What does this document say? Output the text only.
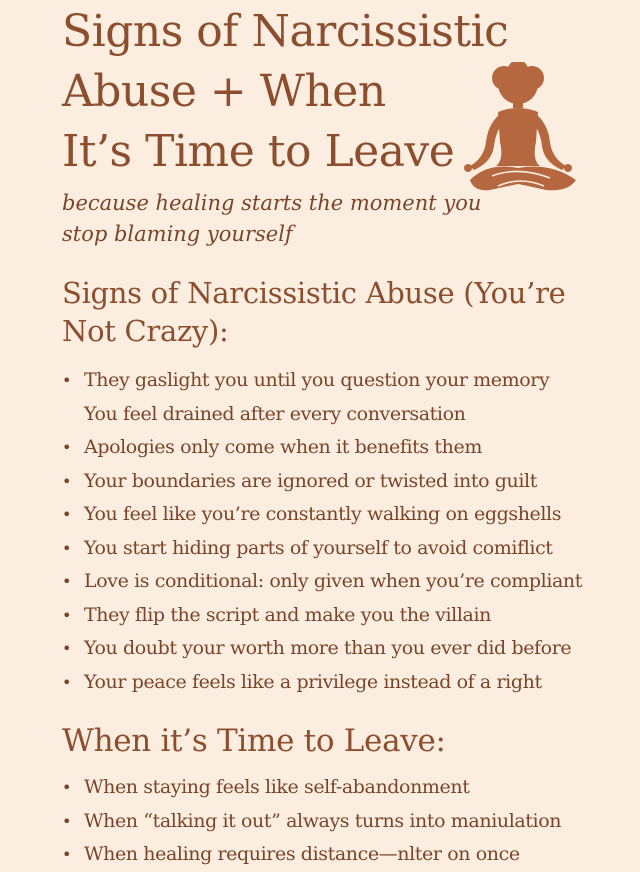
Signs of Narcissistic
Abuse + When
It’s Time to Leave

because healing starts the moment you stop blaming yourself

Signs of Narcissistic Abuse (You’re Not Crazy):
• They gaslight you until you question your memory
You feel drained after every conversation
• Apologies only come when it benefits them
• Your boundaries are ignored or twisted into guilt
• You feel like you’re constantly walking on eggshells
• You start hiding parts of yourself to avoid comiflict
• Love is conditional: only given when you’re compliant
• They flip the script and make you the villain
• You doubt your worth more than you ever did before
• Your peace feels like a privilege instead of a right
When it’s Time to Leave:
• When staying feels like self-abandonment
• When “talking it out” always turns into maniulation
• When healing requires distance—nlter on once
